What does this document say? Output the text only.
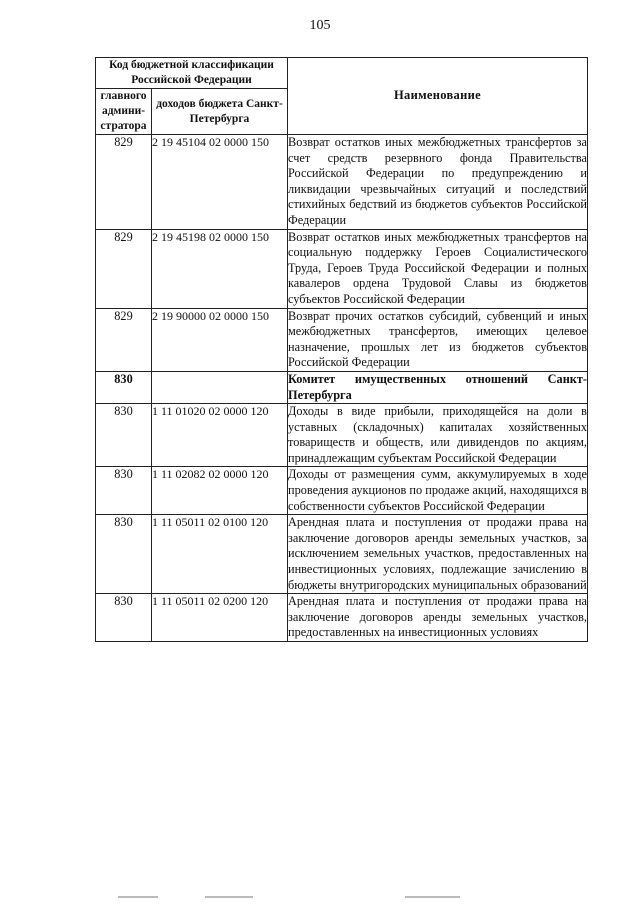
105
Код бюджетной классификации Российской Федерации		Наименование
главного админи-стратора	доходов бюджета Санкт-Петербурга	
829	2 19 45104 02 0000 150	Возврат остатков иных межбюджетных трансфертов за счет средств резервного фонда Правительства Российской Федерации по предупреждению и ликвидации чрезвычайных ситуаций и последствий стихийных бедствий из бюджетов субъектов Российской Федерации
829	2 19 45198 02 0000 150	Возврат остатков иных межбюджетных трансфертов на социальную поддержку Героев Социалистического Труда, Героев Труда Российской Федерации и полных кавалеров ордена Трудовой Славы из бюджетов субъектов Российской Федерации
829	2 19 90000 02 0000 150	Возврат прочих остатков субсидий, субвенций и иных межбюджетных трансфертов, имеющих целевое назначение, прошлых лет из бюджетов субъектов Российской Федерации
830		Комитет имущественных отношений Санкт-Петербурга
830	1 11 01020 02 0000 120	Доходы в виде прибыли, приходящейся на доли в уставных (складочных) капиталах хозяйственных товариществ и обществ, или дивидендов по акциям, принадлежащим субъектам Российской Федерации
830	1 11 02082 02 0000 120	Доходы от размещения сумм, аккумулируемых в ходе проведения аукционов по продаже акций, находящихся в собственности субъектов Российской Федерации
830	1 11 05011 02 0100 120	Арендная плата и поступления от продажи права на заключение договоров аренды земельных участков, за исключением земельных участков, предоставленных на инвестиционных условиях, подлежащие зачислению в бюджеты внутригородских муниципальных образований
830	1 11 05011 02 0200 120	Арендная плата и поступления от продажи права на заключение договоров аренды земельных участков, предоставленных на инвестиционных условиях
